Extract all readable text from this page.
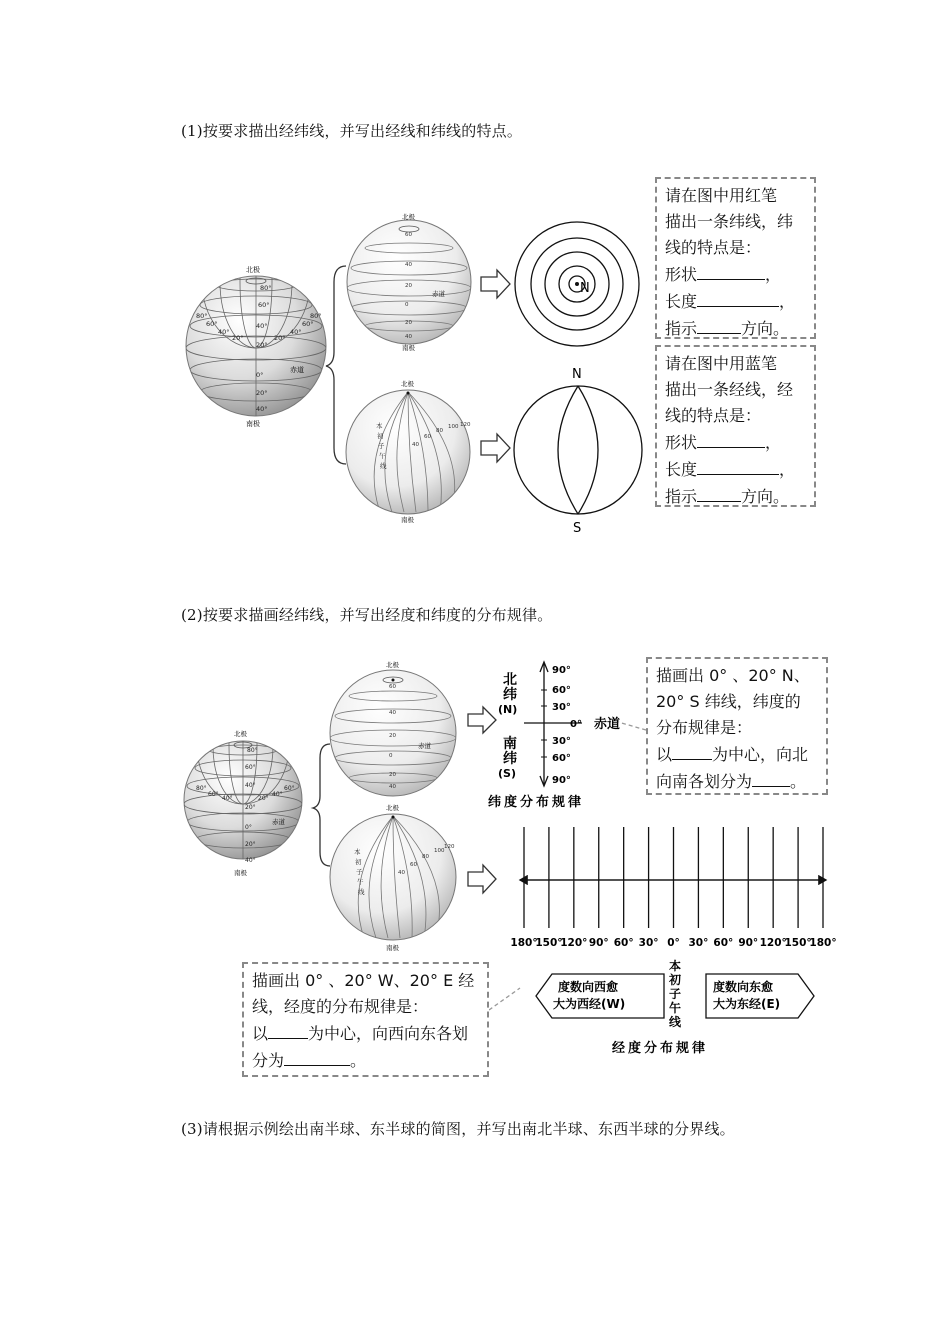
(1)按要求描出经纬线，并写出经线和纬线的特点。
(2)按要求描画经纬线，并写出经度和纬度的分布规律。
(3)请根据示例绘出南半球、东半球的简图，并写出南北半球、东西半球的分界线。
北极
南极
赤道
80°
60°
40°
20°
0°
20°
40°
80°
60°
40°
20°	20°
40°
60°
80°
北极
南极
赤道
60
40
20
0
20
40
北极
南极
本
初
子
午
线
40
60
80
100 120
N
N
S
北极
南极
赤道
80°
60°
40°
20°
0°
20°
40°
80°
60°
40°	20°
40°
60°
北极
赤道
60
40
20
0
20
40
北极
南极
本
初
子
午
线
40
60
80
100
120
北
纬
(N)
南
纬
(S)
90°
60°
30°
0°
30°
60°
90°
赤道
纬度分布规律
180°
150°
120° 90° 60° 30° 0° 30° 60° 90° 120°
150°
180°
度数向西愈
大为西经(W)
度数向东愈
大为东经(E)
本
初
子
午
线
经度分布规律
请在图中用红笔
描出一条纬线，纬
线的特点是：
形状	，
长度	，
指示	方向。
请在图中用蓝笔
描出一条经线，经
线的特点是：
形状	，
长度	，
指示	方向。
描画出 0° 、20° N、
20° S 纬线，纬度的
分布规律是：
以	为中心，向北
向南各划分为 。
描画出 0° 、20° W、20° E 经
线，经度的分布规律是：
以	为中心，向西向东各划
分为	。
